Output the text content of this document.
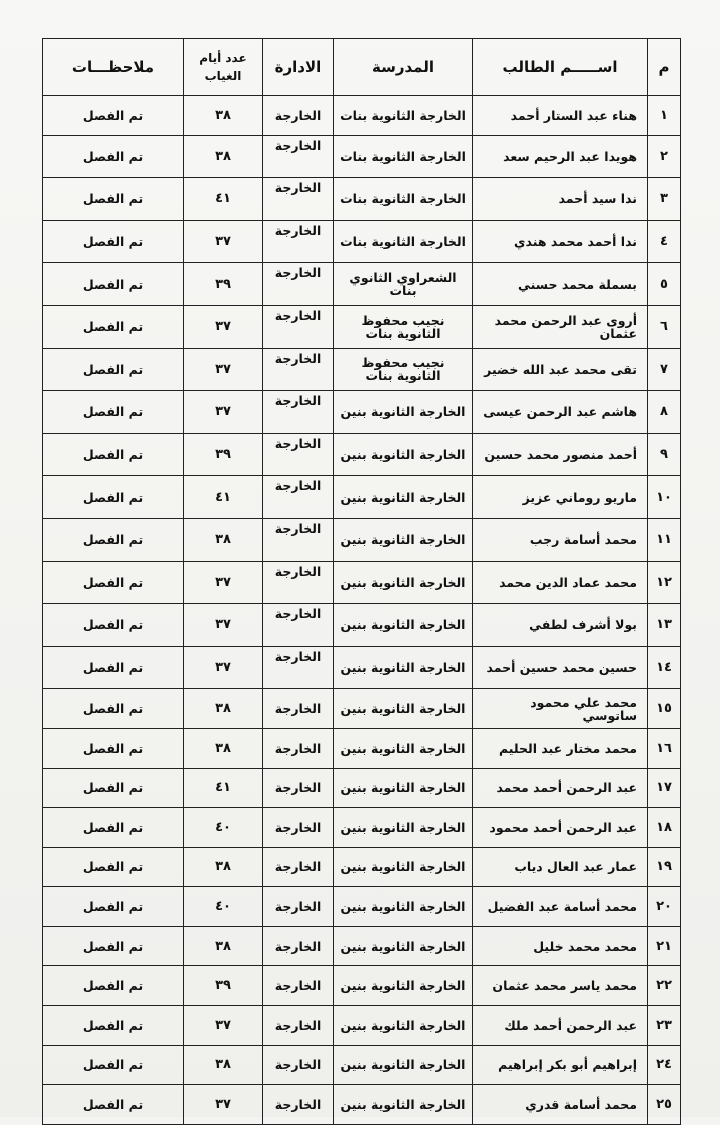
م	اســـــم الطالب	المدرسة	الادارة	عدد أيام الغياب	ملاحظـــات
١	هناء عبد الستار أحمد	الخارجة الثانوية بنات	الخارجة	٣٨	تم الفصل
٢	هويدا عبد الرحيم سعد	الخارجة الثانوية بنات	الخارجة	٣٨	تم الفصل
٣	ندا سيد أحمد	الخارجة الثانوية بنات	الخارجة	٤١	تم الفصل
٤	ندا أحمد محمد هندي	الخارجة الثانوية بنات	الخارجة	٣٧	تم الفصل
٥	بسملة محمد حسني	الشعراوي الثانوي بنات	الخارجة	٣٩	تم الفصل
٦	أروى عبد الرحمن محمد عثمان	نجيب محفوظ الثانوية بنات	الخارجة	٣٧	تم الفصل
٧	تقى محمد عبد الله خضير	نجيب محفوظ الثانوية بنات	الخارجة	٣٧	تم الفصل
٨	هاشم عبد الرحمن عيسى	الخارجة الثانوية بنين	الخارجة	٣٧	تم الفصل
٩	أحمد منصور محمد حسين	الخارجة الثانوية بنين	الخارجة	٣٩	تم الفصل
١٠	ماريو روماني عزيز	الخارجة الثانوية بنين	الخارجة	٤١	تم الفصل
١١	محمد أسامة رجب	الخارجة الثانوية بنين	الخارجة	٣٨	تم الفصل
١٢	محمد عماد الدين محمد	الخارجة الثانوية بنين	الخارجة	٣٧	تم الفصل
١٣	بولا أشرف لطفي	الخارجة الثانوية بنين	الخارجة	٣٧	تم الفصل
١٤	حسين محمد حسين أحمد	الخارجة الثانوية بنين	الخارجة	٣٧	تم الفصل
١٥	محمد علي محمود ساتوسي	الخارجة الثانوية بنين	الخارجة	٣٨	تم الفصل
١٦	محمد مختار عبد الحليم	الخارجة الثانوية بنين	الخارجة	٣٨	تم الفصل
١٧	عبد الرحمن أحمد محمد	الخارجة الثانوية بنين	الخارجة	٤١	تم الفصل
١٨	عبد الرحمن أحمد محمود	الخارجة الثانوية بنين	الخارجة	٤٠	تم الفصل
١٩	عمار عبد العال دياب	الخارجة الثانوية بنين	الخارجة	٣٨	تم الفصل
٢٠	محمد أسامة عبد الفضيل	الخارجة الثانوية بنين	الخارجة	٤٠	تم الفصل
٢١	محمد محمد خليل	الخارجة الثانوية بنين	الخارجة	٣٨	تم الفصل
٢٢	محمد ياسر محمد عثمان	الخارجة الثانوية بنين	الخارجة	٣٩	تم الفصل
٢٣	عبد الرحمن أحمد ملك	الخارجة الثانوية بنين	الخارجة	٣٧	تم الفصل
٢٤	إبراهيم أبو بكر إبراهيم	الخارجة الثانوية بنين	الخارجة	٣٨	تم الفصل
٢٥	محمد أسامة قدري	الخارجة الثانوية بنين	الخارجة	٣٧	تم الفصل
